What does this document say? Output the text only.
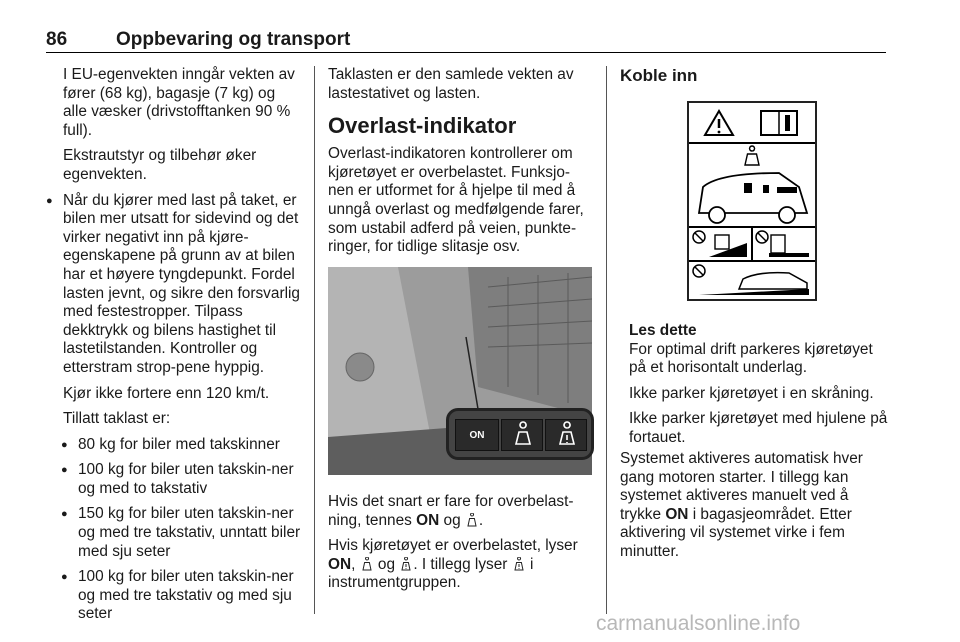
86	Oppbevaring og transport

I EU-egenvekten inngår vekten av fører (68 kg), bagasje (7 kg) og alle væsker (drivstofftanken 90 % full).

Ekstrautstyr og tilbehør øker egenvekten.

● Når du kjører med last på taket, er bilen mer utsatt for sidevind og det virker negativt inn på kjøre-egenskapene på grunn av at bilen har et høyere tyngdepunkt. Fordel lasten jevnt, og sikre den forsvarlig med festestropper. Tilpass dekktrykk og bilens hastighet til lastetilstanden. Kontroller og etterstram strop-pene hyppig.

Kjør ikke fortere enn 120 km/t.

Tillatt taklast er:

● 80 kg for biler med takskinner
● 100 kg for biler uten takskin-ner og med to takstativ
● 150 kg for biler uten takskin-ner og med tre takstativ, unntatt biler med sju seter
● 100 kg for biler uten takskin-ner og med tre takstativ og med sju seter

Taklasten er den samlede vekten av lastestativet og lasten.

Overlast-indikator

Overlast-indikatoren kontrollerer om kjøretøyet er overbelastet. Funksjo-nen er utformet for å hjelpe til med å unngå overlast og medfølgende farer, som ustabil adferd på veien, punkte-ringer, for tidlige slitasje osv.

ON

Hvis det snart er fare for overbelast-ning, tennes ON og .

Hvis kjøretøyet er overbelastet, lyser ON,  og . I tillegg lyser  i instrumentgruppen.

Koble inn
Les dette

For optimal drift parkeres kjøretøyet på et horisontalt underlag.

Ikke parker kjøretøyet i en skråning.

Ikke parker kjøretøyet med hjulene på fortauet.

Systemet aktiveres automatisk hver gang motoren starter. I tillegg kan systemet aktiveres manuelt ved å trykke ON i bagasjeområdet. Etter aktivering vil systemet virke i fem minutter.

carmanualsonline.info
